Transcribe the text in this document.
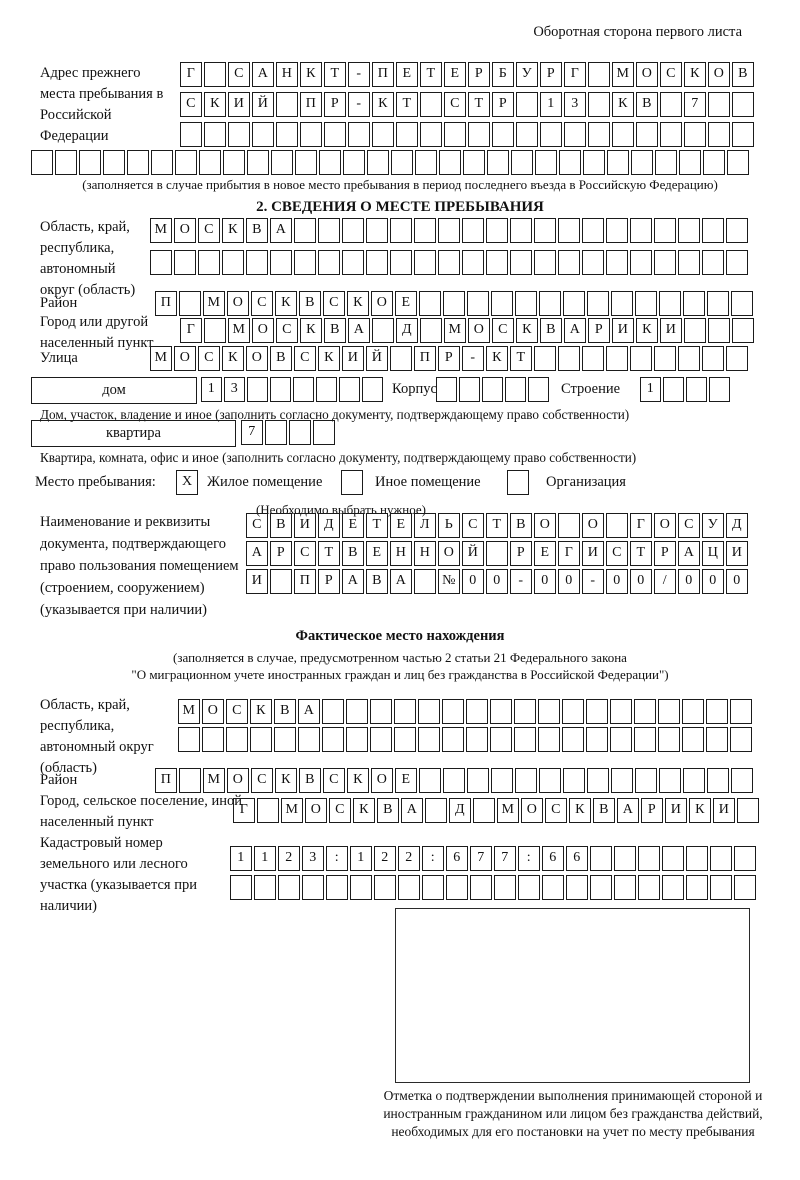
Оборотная сторона первого листа
Адрес прежнего места пребывания в Российской Федерации
Г	С А Н К Т - П Е Т Е Р Б У Р Г	М О С К О В
С К И Й	П Р - К Т	С Т Р	1 3	К В	7

(заполняется в случае прибытия в новое место пребывания в период последнего въезда в Российскую Федерацию)
2. СВЕДЕНИЯ О МЕСТЕ ПРЕБЫВАНИЯ
Область, край, республика, автономный округ (область)
М О С К В А

Район	П	М О С К В С К О Е
Город или другой населенный пункт
Г	М О С К В А	Д	М О С К В А Р И К И
Улица	М О С К О В С К И Й	П Р - К Т
дом	1 3	Корпус
	Строение	1
Дом, участок, владение и иное (заполнить согласно документу, подтверждающему право собственности)
квартира	7
Квартира, комната, офис и иное (заполнить согласно документу, подтверждающему право собственности)
Место пребывания:	X	Жилое помещение	Иное помещение	Организация
(Необходимо выбрать нужное)
Наименование и реквизиты документа, подтверждающего право пользования помещением (строением, сооружением) (указывается при наличии)
С В И Д Е Т Е Л Ь С Т В О	О	Г О С У Д
А Р С Т В Е Н Н О Й	Р Е Г И С Т Р А Ц И
И	П Р А В А	№ 0 0 - 0 0 - 0 0 / 0 0 0
Фактическое место нахождения
(заполняется в случае, предусмотренном частью 2 статьи 21 Федерального закона
"О миграционном учете иностранных граждан и лиц без гражданства в Российской Федерации")
Область, край, республика, автономный округ (область)
М О С К В А

Район	П	М О С К В С К О Е
Город, сельское поселение, иной населенный пункт
Г	М О С К В А	Д	М О С К В А Р И К И
Кадастровый номер земельного или лесного участка (указывается при наличии)
1 1 2 3 : 1 2 2 : 6 7 7 : 6 6

Отметка о подтверждении выполнения принимающей стороной и иностранным гражданином или лицом без гражданства действий, необходимых для его постановки на учет по месту пребывания
